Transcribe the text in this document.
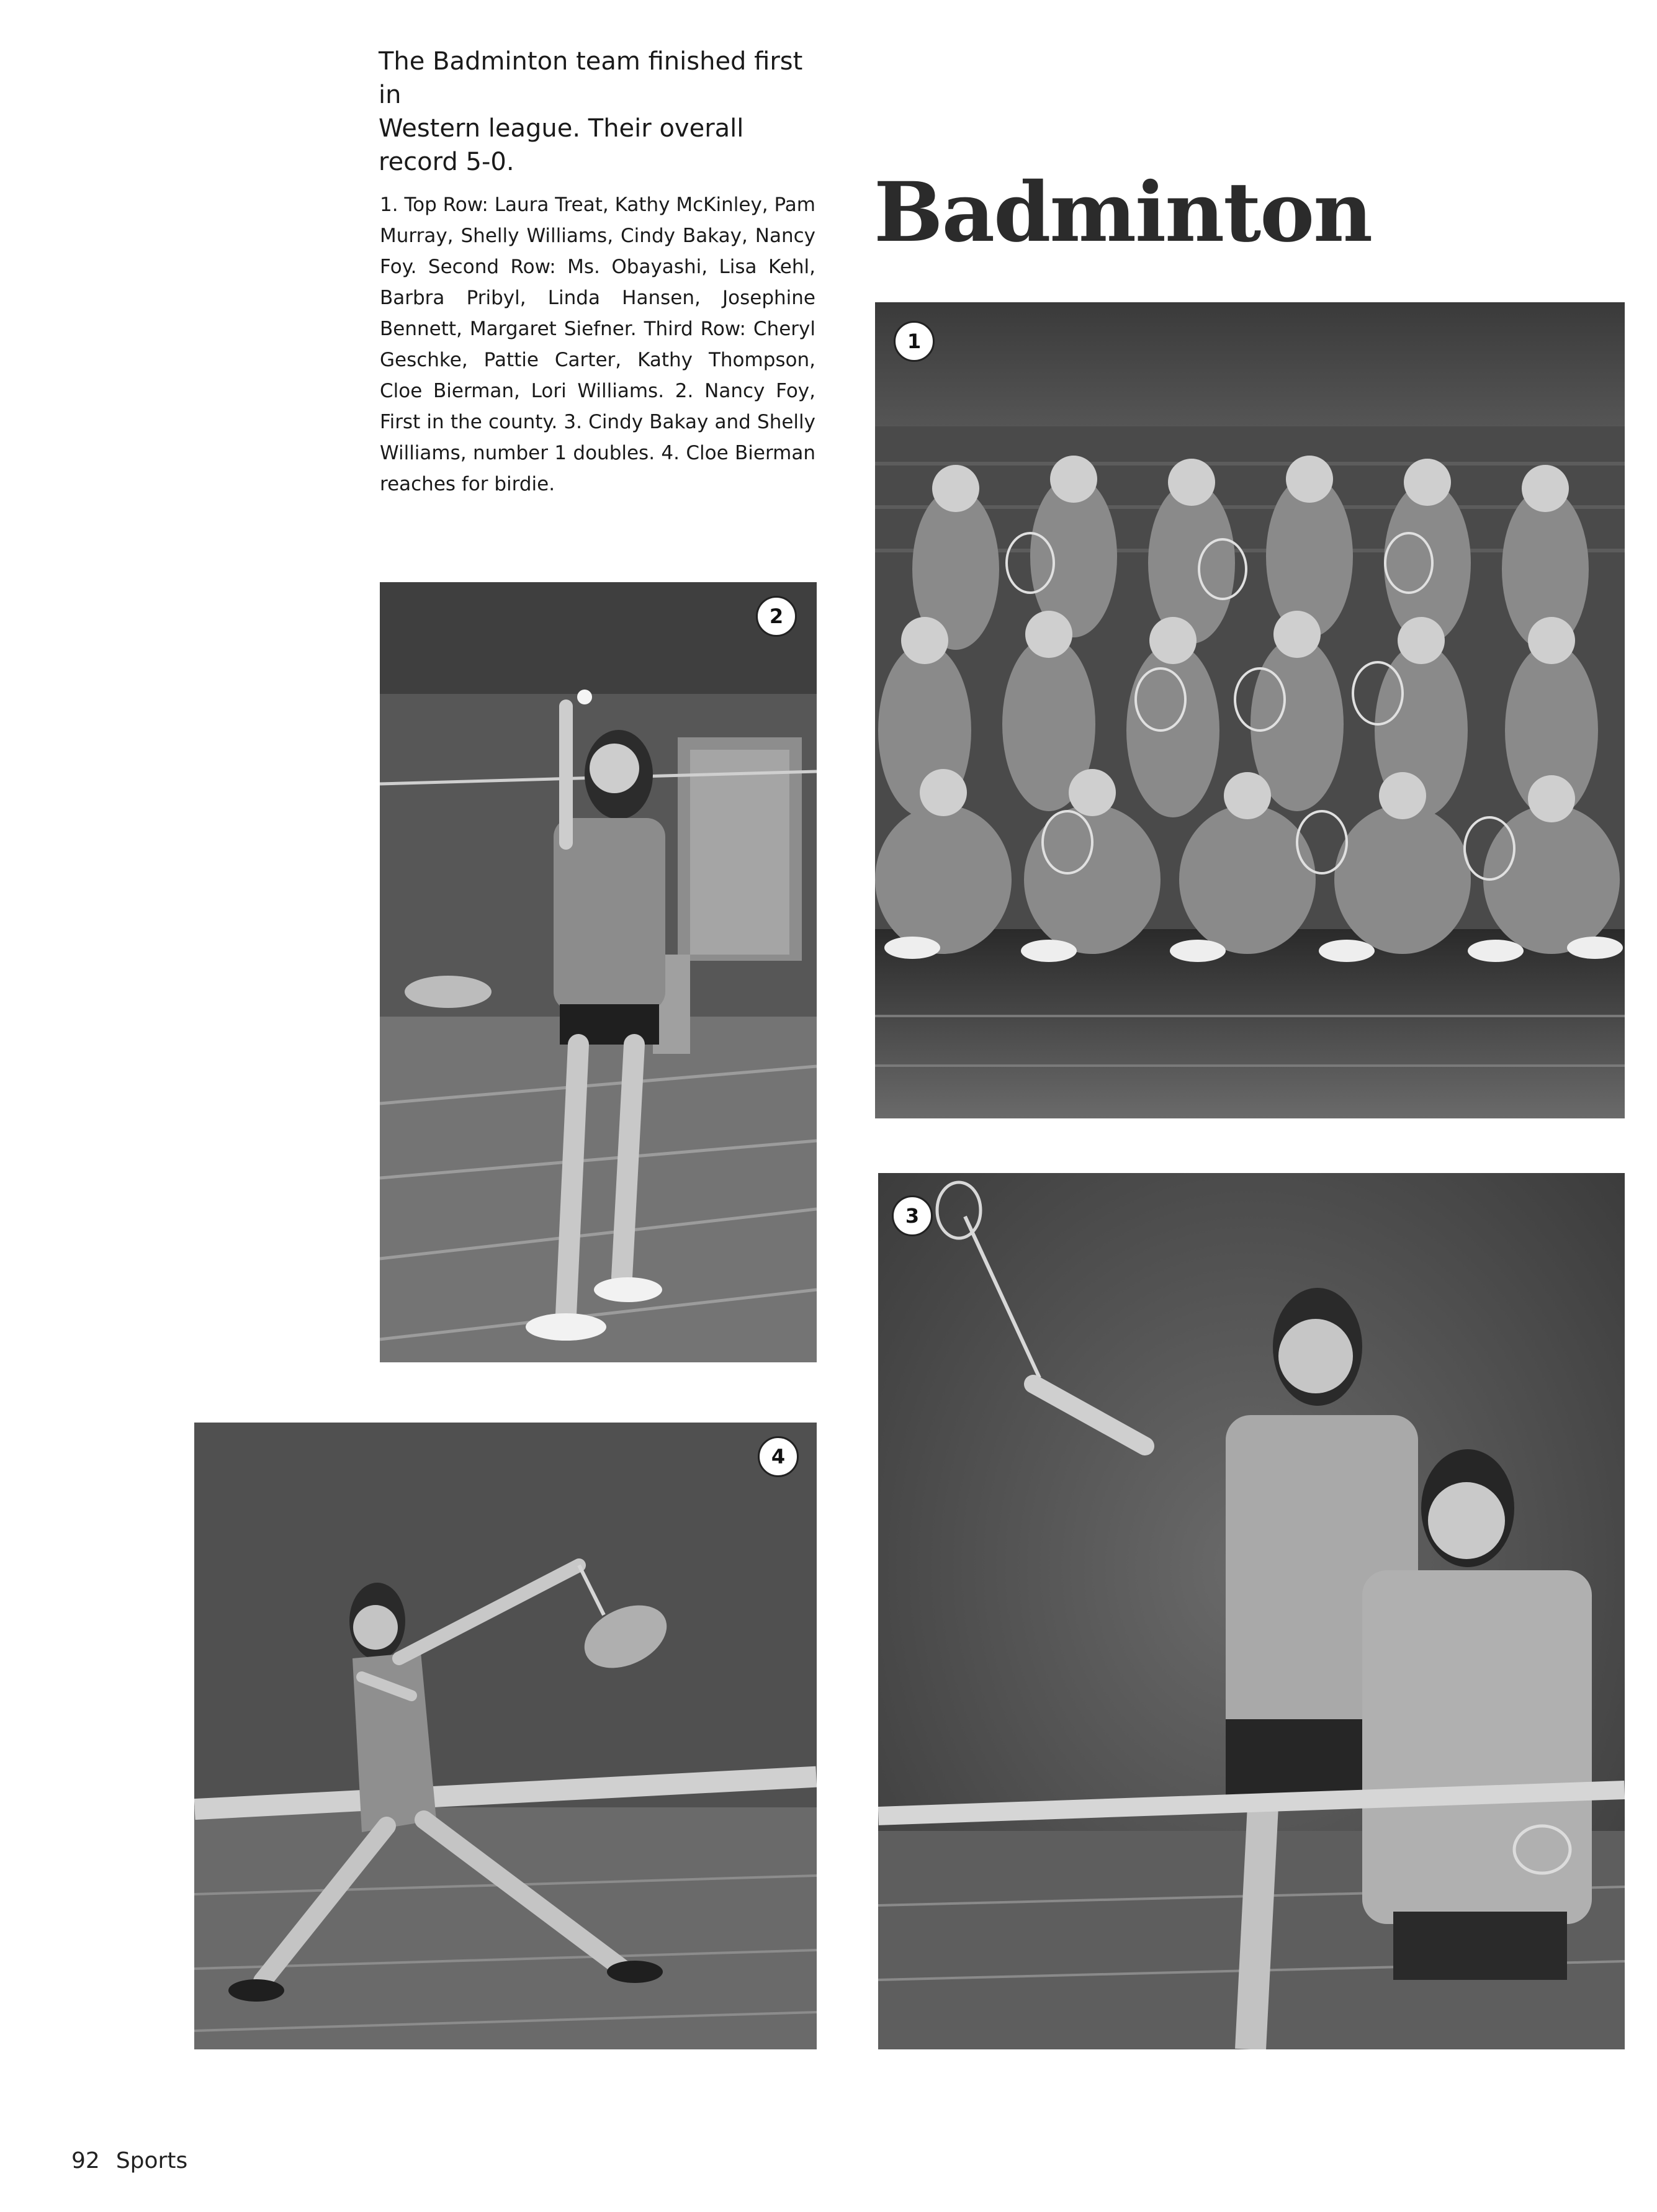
The Badminton team finished first in
Western league. Their overall
record 5-0.

1. Top Row: Laura Treat, Kathy McKinley, Pam Murray, Shelly Williams, Cindy Bakay, Nancy Foy. Second Row: Ms. Obayashi, Lisa Kehl, Barbra Pribyl, Linda Hansen, Josephine Bennett, Margaret Siefner. Third Row: Cheryl Geschke, Pattie Carter, Kathy Thompson, Cloe Bierman, Lori Williams. 2. Nancy Foy, First in the county. 3. Cindy Bakay and Shelly Williams, number 1 doubles. 4. Cloe Bierman reaches for birdie.

Badminton
1
2
3
4

92 Sports
